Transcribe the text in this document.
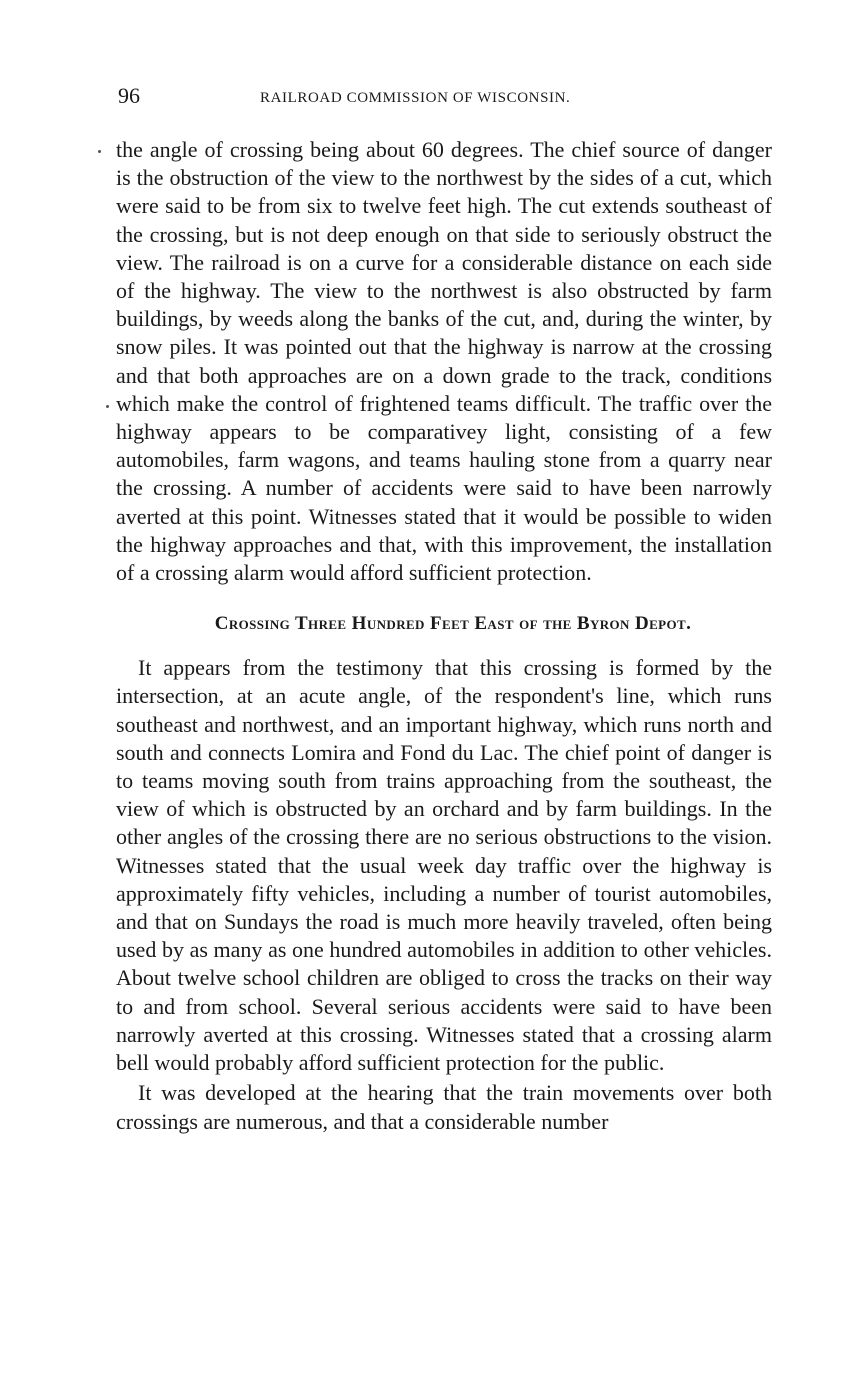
96	RAILROAD COMMISSION OF WISCONSIN.

the angle of crossing being about 60 degrees. The chief source of danger is the obstruction of the view to the northwest by the sides of a cut, which were said to be from six to twelve feet high. The cut extends southeast of the crossing, but is not deep enough on that side to seriously obstruct the view. The railroad is on a curve for a considerable distance on each side of the highway. The view to the northwest is also obstructed by farm buildings, by weeds along the banks of the cut, and, during the winter, by snow piles. It was pointed out that the highway is narrow at the crossing and that both approaches are on a down grade to the track, conditions which make the control of frightened teams difficult. The traffic over the highway appears to be comparativey light, consisting of a few automobiles, farm wagons, and teams hauling stone from a quarry near the crossing. A number of accidents were said to have been narrowly averted at this point. Witnesses stated that it would be possible to widen the highway approaches and that, with this improvement, the installation of a crossing alarm would afford sufficient protection.

Crossing Three Hundred Feet East of the Byron Depot.

It appears from the testimony that this crossing is formed by the intersection, at an acute angle, of the respondent's line, which runs southeast and northwest, and an important highway, which runs north and south and connects Lomira and Fond du Lac. The chief point of danger is to teams moving south from trains approaching from the southeast, the view of which is obstructed by an orchard and by farm buildings. In the other angles of the crossing there are no serious obstructions to the vision. Witnesses stated that the usual week day traffic over the highway is approximately fifty vehicles, including a number of tourist automobiles, and that on Sundays the road is much more heavily traveled, often being used by as many as one hundred automobiles in addition to other vehicles. About twelve school children are obliged to cross the tracks on their way to and from school. Several serious accidents were said to have been narrowly averted at this crossing. Witnesses stated that a crossing alarm bell would probably afford sufficient protection for the public.

It was developed at the hearing that the train movements over both crossings are numerous, and that a considerable number
